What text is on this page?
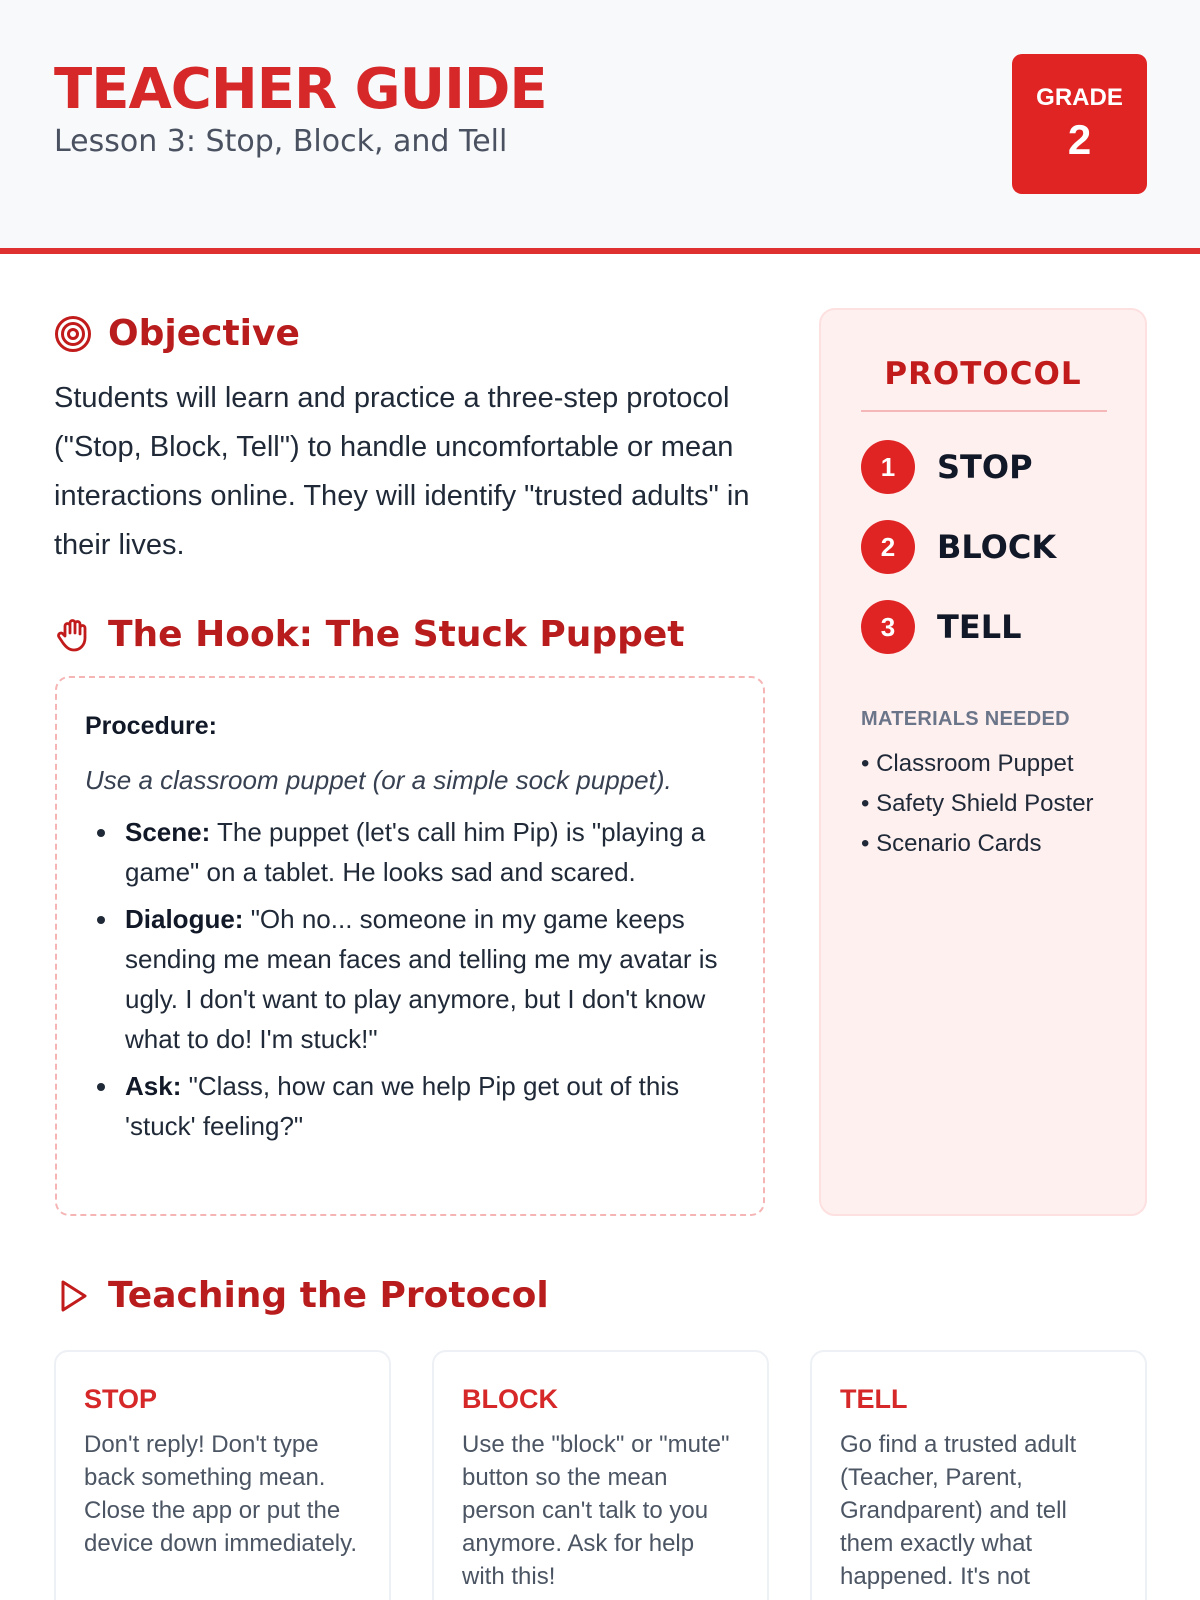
TEACHER GUIDE
Lesson 3: Stop, Block, and Tell
GRADE
2
Objective

Students will learn and practice a three-step protocol ("Stop, Block, Tell") to handle uncomfortable or mean interactions online. They will identify "trusted adults" in their lives.

The Hook: The Stuck Puppet
Procedure:
Use a classroom puppet (or a simple sock puppet).
Scene: The puppet (let's call him Pip) is "playing a game" on a tablet. He looks sad and scared.
Dialogue: "Oh no... someone in my game keeps sending me mean faces and telling me my avatar is ugly. I don't want to play anymore, but I don't know what to do! I'm stuck!"
Ask: "Class, how can we help Pip get out of this 'stuck' feeling?"
PROTOCOL
1	STOP
2	BLOCK
3	TELL
MATERIALS NEEDED
• Classroom Puppet
• Safety Shield Poster
• Scenario Cards
Teaching the Protocol
STOP
Don't reply! Don't type back something mean. Close the app or put the device down immediately.
BLOCK
Use the "block" or "mute" button so the mean person can't talk to you anymore. Ask for help with this!
TELL
Go find a trusted adult (Teacher, Parent, Grandparent) and tell them exactly what happened. It's not
